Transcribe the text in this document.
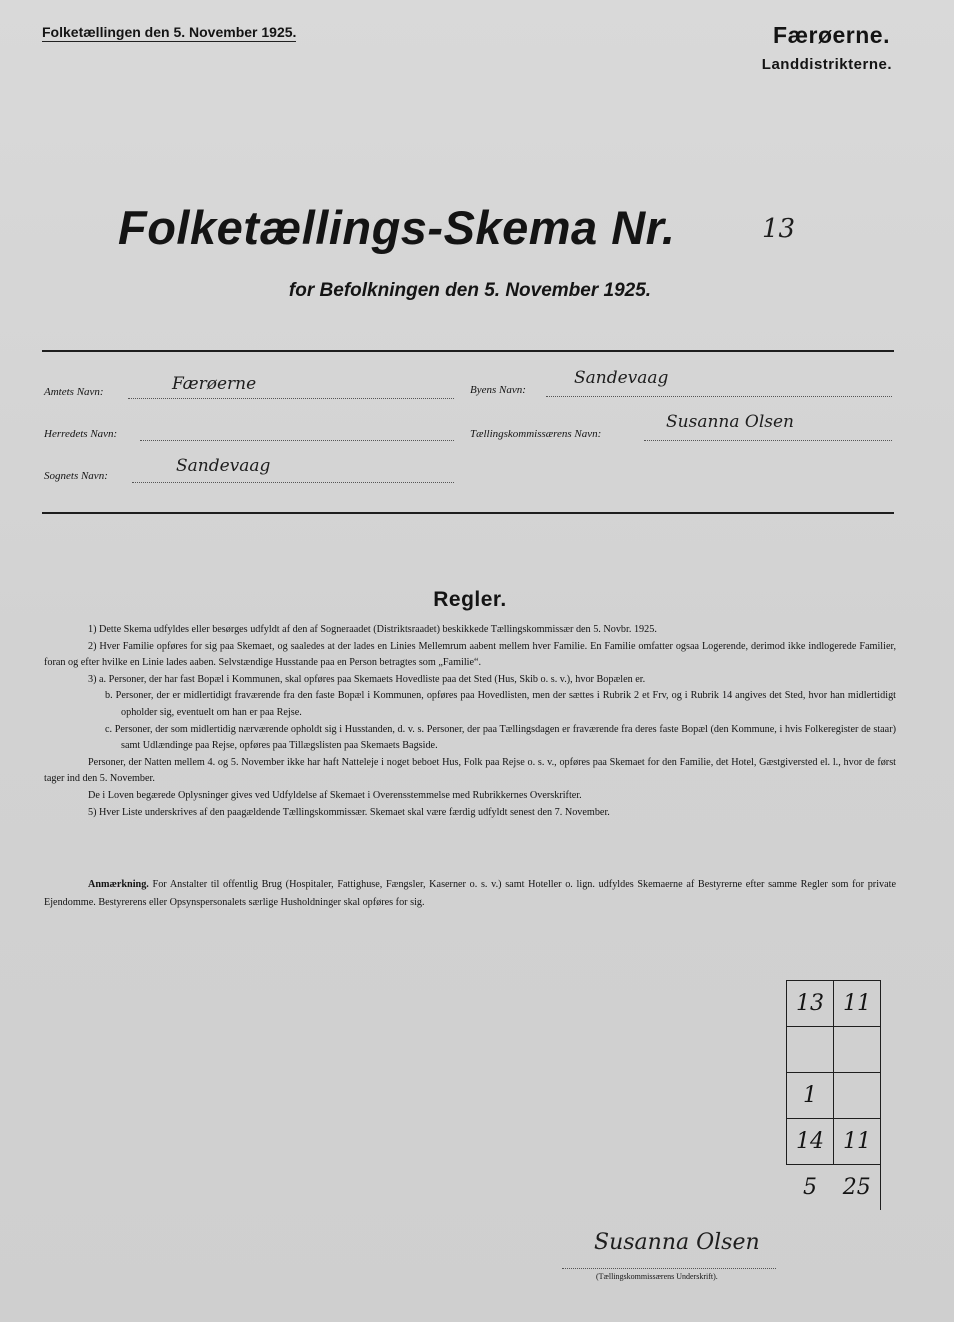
Folketællingen den 5. November 1925.	Færøerne.
Landdistrikterne.
Folketællings-Skema Nr.	13
for Befolkningen den 5. November 1925.
Amtets Navn:	Færøerne
Herredets Navn:
Sognets Navn:	Sandevaag
Byens Navn:
Sandevaag
Tællingskommissærens Navn:
Susanna Olsen
Regler.

1) Dette Skema udfyldes eller besørges udfyldt af den af Sogneraadet (Distriktsraadet) beskikkede Tællingskommissær den 5. Novbr. 1925.

2) Hver Familie opføres for sig paa Skemaet, og saaledes at der lades en Linies Mellemrum aabent mellem hver Familie. En Familie omfatter ogsaa Logerende, derimod ikke indlogerede Familier, foran og efter hvilke en Linie lades aaben. Selvstændige Husstande paa en Person betragtes som „Familie“.

3) a. Personer, der har fast Bopæl i Kommunen, skal opføres paa Skemaets Hovedliste paa det Sted (Hus, Skib o. s. v.), hvor Bopælen er.

b. Personer, der er midlertidigt fraværende fra den faste Bopæl i Kommunen, opføres paa Hovedlisten, men der sættes i Rubrik 2 et Frv, og i Rubrik 14 angives det Sted, hvor han midlertidigt opholder sig, eventuelt om han er paa Rejse.

c. Personer, der som midlertidig nærværende opholdt sig i Husstanden, d. v. s. Personer, der paa Tællingsdagen er fraværende fra deres faste Bopæl (den Kommune, i hvis Folkeregister de staar) samt Udlændinge paa Rejse, opføres paa Tillægslisten paa Skemaets Bagside.

Personer, der Natten mellem 4. og 5. November ikke har haft Natteleje i noget beboet Hus, Folk paa Rejse o. s. v., opføres paa Skemaet for den Familie, det Hotel, Gæstgiversted el. l., hvor de først tager ind den 5. November.

De i Loven begærede Oplysninger gives ved Udfyldelse af Skemaet i Overensstemmelse med Rubrikkernes Overskrifter.

5) Hver Liste underskrives af den paagældende Tællingskommissær. Skemaet skal være færdig udfyldt senest den 7. November.

Anmærkning. For Anstalter til offentlig Brug (Hospitaler, Fattighuse, Fængsler, Kaserner o. s. v.) samt Hoteller o. lign. udfyldes Skemaerne af Bestyrerne efter samme Regler som for private Ejendomme. Bestyrerens eller Opsynspersonalets særlige Husholdninger skal opføres for sig.

13	11

1	
14	11
5	25
Susanna Olsen
(Tællingskommissærens Underskrift).
